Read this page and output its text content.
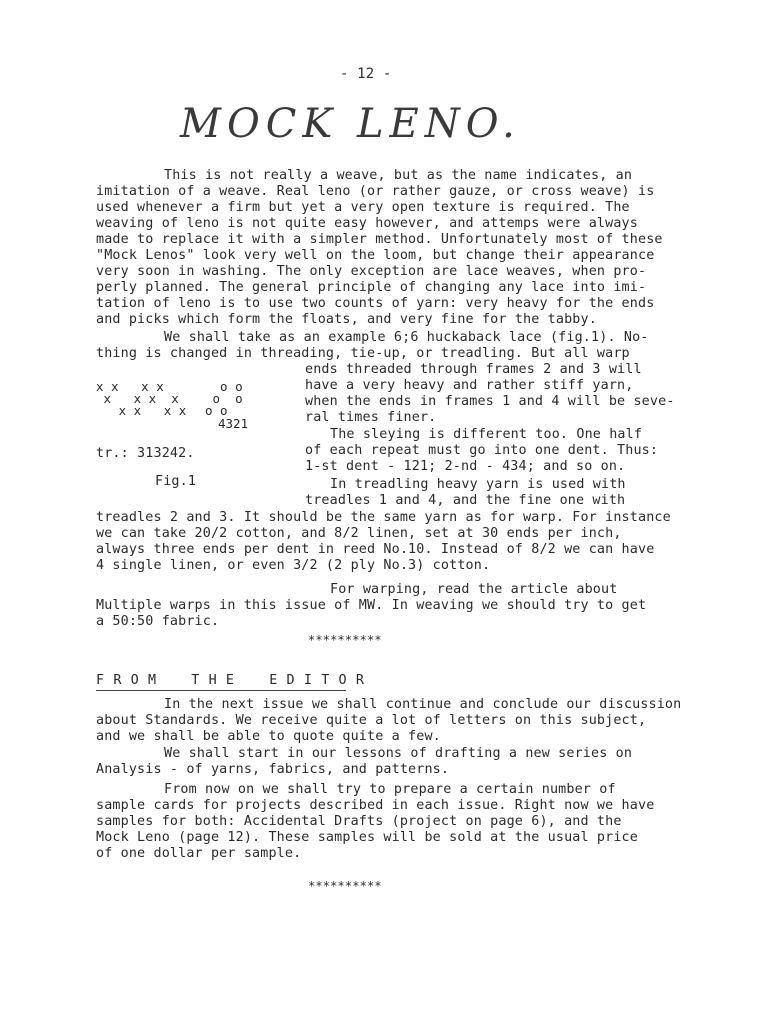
- 12 -
MOCK LENO.
This is not really a weave, but as the name indicates, an
imitation of a weave. Real leno (or rather gauze, or cross weave) is
used whenever a firm but yet a very open texture is required. The
weaving of leno is not quite easy however, and attemps were always
made to replace it with a simpler method. Unfortunately most of these
"Mock Lenos" look very well on the loom, but change their appearance
very soon in washing. The only exception are lace weaves, when pro-
perly planned. The general principle of changing any lace into imi-
tation of leno is to use two counts of yarn: very heavy for the ends
and picks which form the floats, and very fine for the tabby.
We shall take as an example 6;6 huckaback lace (fig.1). No-
thing is changed in threading, tie-up, or treadling. But all warp
ends threaded through frames 2 and 3 will
have a very heavy and rather stiff yarn,
when the ends in frames 1 and 4 will be seve-
ral times finer.
The sleying is different too. One half
of each repeat must go into one dent. Thus:
1-st dent - 121; 2-nd - 434; and so on.
In treadling heavy yarn is used with
treadles 1 and 4, and the fine one with
treadles 2 and 3. It should be the same yarn as for warp. For instance
we can take 20/2 cotton, and 8/2 linen, set at 30 ends per inch,
always three ends per dent in reed No.10. Instead of 8/2 we can have
4 single linen, or even 3/2 (2 ply No.3) cotton.
For warping, read the article about
Multiple warps in this issue of MW. In weaving we should try to get
a 50:50 fabric.
tr.: 313242.
Fig.1
x x   x x
x   x x  x
x x   x x
o o
o  o
o o
4321
**********
F R O M    T H E    E D I T O R
In the next issue we shall continue and conclude our discussion
about Standards. We receive quite a lot of letters on this subject,
and we shall be able to quote quite a few.
We shall start in our lessons of drafting a new series on
Analysis - of yarns, fabrics, and patterns.
From now on we shall try to prepare a certain number of
sample cards for projects described in each issue. Right now we have
samples for both: Accidental Drafts (project on page 6), and the
Mock Leno (page 12). These samples will be sold at the usual price
of one dollar per sample.
**********
